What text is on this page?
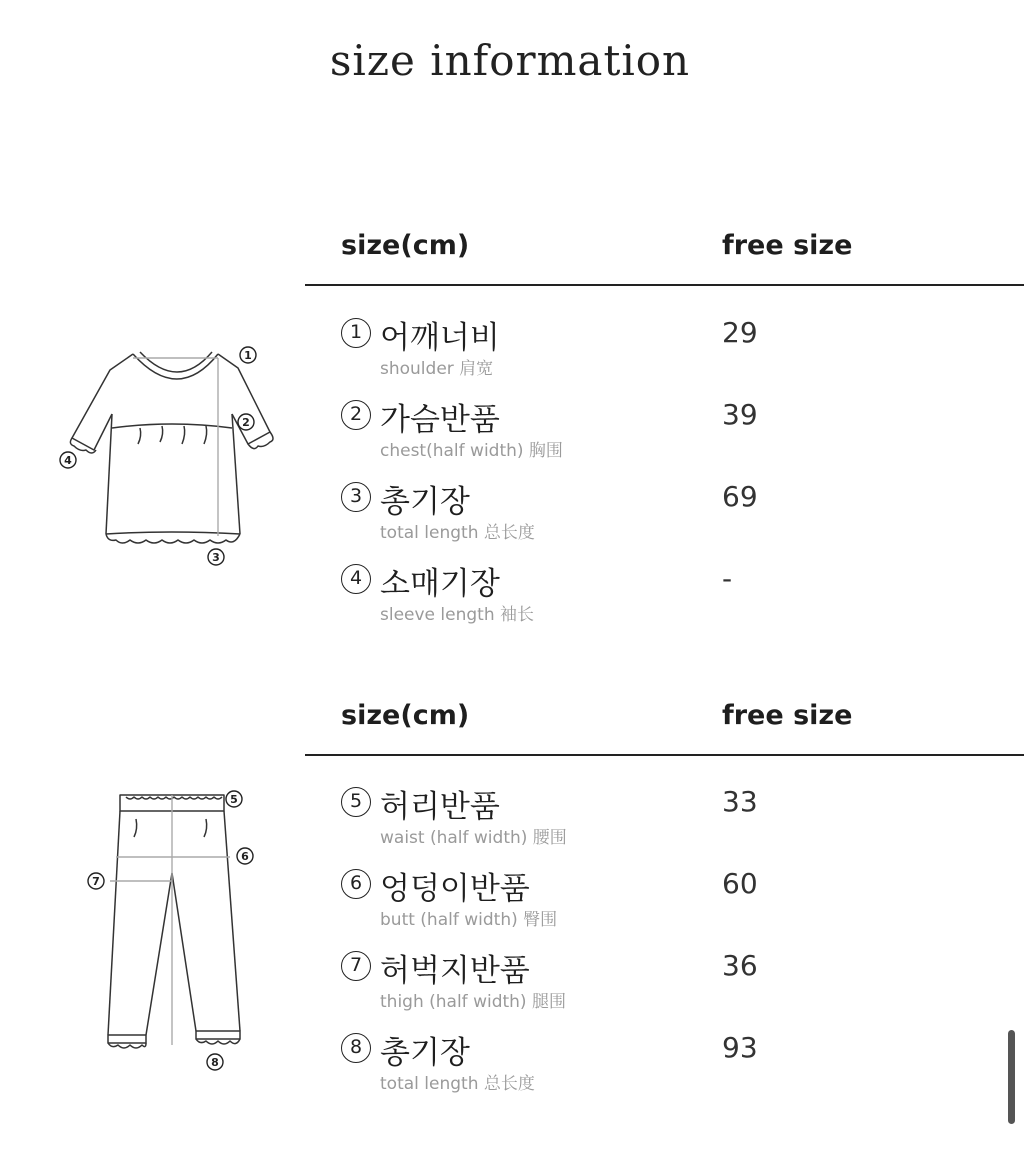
size information
size(cm)	free size
1 어깨너비
shoulder 肩宽
29
2 가슴반품
chest(half width) 胸围
39
3 총기장
total length 总长度
69
4 소매기장
sleeve length 袖长
-
size(cm)	free size
5 허리반품
waist (half width) 腰围
33
6 엉덩이반품
butt (half width) 臀围
60
7 허벅지반품
thigh (half width) 腿围
36
8 총기장
total length 总长度
93
1
2
3
4
5
6
7
8
